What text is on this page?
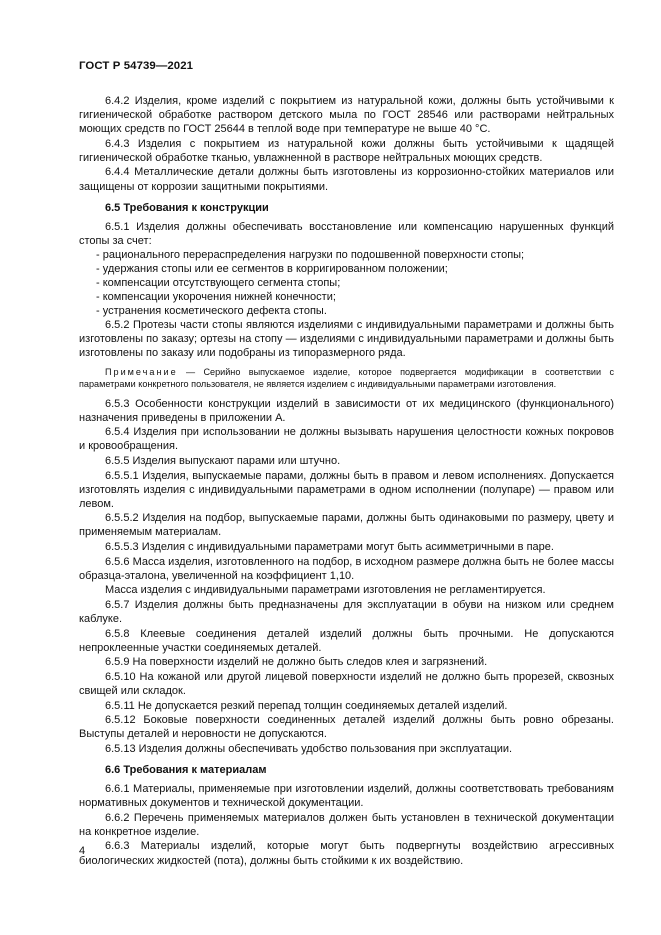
ГОСТ Р 54739—2021

6.4.2 Изделия, кроме изделий с покрытием из натуральной кожи, должны быть устойчивыми к гигиенической обработке раствором детского мыла по ГОСТ 28546 или растворами нейтральных моющих средств по ГОСТ 25644 в теплой воде при температуре не выше 40 °С.

6.4.3 Изделия с покрытием из натуральной кожи должны быть устойчивыми к щадящей гигиенической обработке тканью, увлажненной в растворе нейтральных моющих средств.

6.4.4 Металлические детали должны быть изготовлены из коррозионно-стойких материалов или защищены от коррозии защитными покрытиями.

6.5 Требования к конструкции

6.5.1 Изделия должны обеспечивать восстановление или компенсацию нарушенных функций стопы за счет:

- рационального перераспределения нагрузки по подошвенной поверхности стопы;

- удержания стопы или ее сегментов в корригированном положении;

- компенсации отсутствующего сегмента стопы;

- компенсации укорочения нижней конечности;

- устранения косметического дефекта стопы.

6.5.2 Протезы части стопы являются изделиями с индивидуальными параметрами и должны быть изготовлены по заказу; ортезы на стопу — изделиями с индивидуальными параметрами и должны быть изготовлены по заказу или подобраны из типоразмерного ряда.

Примечание — Серийно выпускаемое изделие, которое подвергается модификации в соответствии с параметрами конкретного пользователя, не является изделием с индивидуальными параметрами изготовления.

6.5.3 Особенности конструкции изделий в зависимости от их медицинского (функционального) назначения приведены в приложении А.

6.5.4 Изделия при использовании не должны вызывать нарушения целостности кожных покровов и кровообращения.

6.5.5 Изделия выпускают парами или штучно.

6.5.5.1 Изделия, выпускаемые парами, должны быть в правом и левом исполнениях. Допускается изготовлять изделия с индивидуальными параметрами в одном исполнении (полупаре) — правом или левом.

6.5.5.2 Изделия на подбор, выпускаемые парами, должны быть одинаковыми по размеру, цвету и применяемым материалам.

6.5.5.3 Изделия с индивидуальными параметрами могут быть асимметричными в паре.

6.5.6 Масса изделия, изготовленного на подбор, в исходном размере должна быть не более массы образца-эталона, увеличенной на коэффициент 1,10.

Масса изделия с индивидуальными параметрами изготовления не регламентируется.

6.5.7 Изделия должны быть предназначены для эксплуатации в обуви на низком или среднем каблуке.

6.5.8 Клеевые соединения деталей изделий должны быть прочными. Не допускаются непроклеенные участки соединяемых деталей.

6.5.9 На поверхности изделий не должно быть следов клея и загрязнений.

6.5.10 На кожаной или другой лицевой поверхности изделий не должно быть прорезей, сквозных свищей или складок.

6.5.11 Не допускается резкий перепад толщин соединяемых деталей изделий.

6.5.12 Боковые поверхности соединенных деталей изделий должны быть ровно обрезаны. Выступы деталей и неровности не допускаются.

6.5.13 Изделия должны обеспечивать удобство пользования при эксплуатации.

6.6 Требования к материалам

6.6.1 Материалы, применяемые при изготовлении изделий, должны соответствовать требованиям нормативных документов и технической документации.

6.6.2 Перечень применяемых материалов должен быть установлен в технической документации на конкретное изделие.

6.6.3 Материалы изделий, которые могут быть подвергнуты воздействию агрессивных биологических жидкостей (пота), должны быть стойкими к их воздействию.

4
